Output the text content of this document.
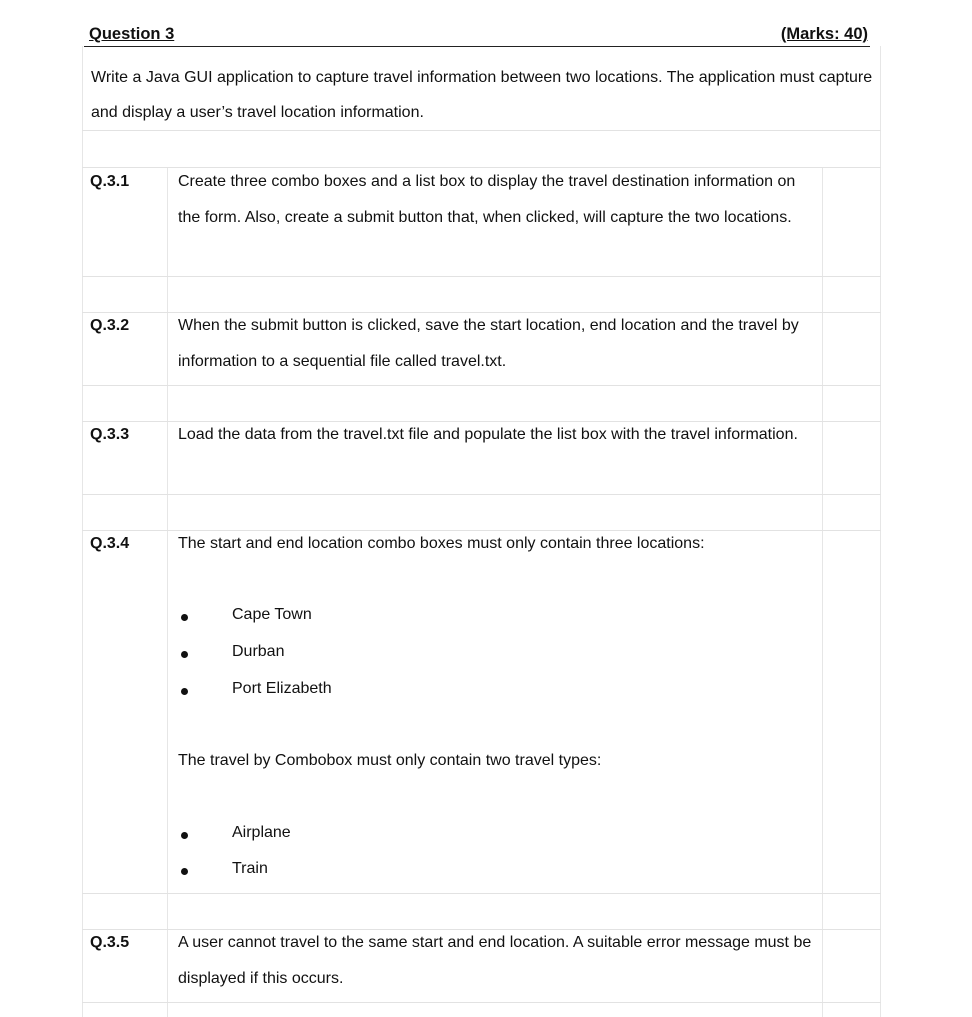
Question 3	(Marks: 40)
Write a Java GUI application to capture travel information between two locations. The application must capture and display a user’s travel location information.
Q.3.1	Create three combo boxes and a list box to display the travel destination information on the form. Also, create a submit button that, when clicked, will capture the two locations.
Q.3.2	When the submit button is clicked, save the start location, end location and the travel by information to a sequential file called travel.txt.
Q.3.3	Load the data from the travel.txt file and populate the list box with the travel information.
Q.3.4	The start and end location combo boxes must only contain three locations:
Cape Town
Durban
Port Elizabeth
The travel by Combobox must only contain two travel types:
Airplane
Train
Q.3.5	A user cannot travel to the same start and end location. A suitable error message must be displayed if this occurs.
